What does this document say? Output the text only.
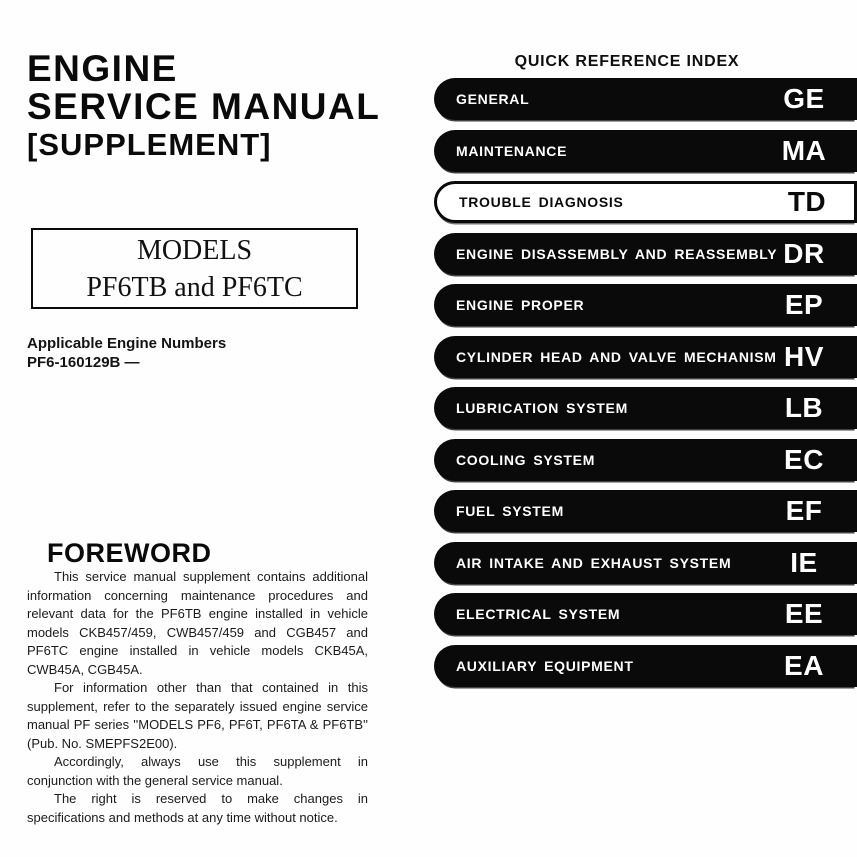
ENGINE
SERVICE MANUAL
[SUPPLEMENT]
MODELS
PF6TB and PF6TC
Applicable Engine Numbers
PF6-160129B —
FOREWORD

This service manual supplement contains additional information concerning maintenance procedures and relevant data for the PF6TB engine installed in vehicle models CKB457/459, CWB457/459 and CGB457 and PF6TC engine installed in vehicle models CKB45A, CWB45A, CGB45A.

For information other than that contained in this supplement, refer to the separately issued engine service manual PF series ''MODELS PF6, PF6T, PF6TA & PF6TB'' (Pub. No. SMEPFS2E00).

Accordingly, always use this supplement in conjunction with the general service manual.

The right is reserved to make changes in specifications and methods at any time without notice.

QUICK REFERENCE INDEX
GENERAL	GE
MAINTENANCE	MA
TROUBLE DIAGNOSIS	TD
ENGINE DISASSEMBLY AND REASSEMBLY DR
ENGINE PROPER	EP
CYLINDER HEAD AND VALVE MECHANISM HV
LUBRICATION SYSTEM	LB
COOLING SYSTEM	EC
FUEL SYSTEM	EF
AIR INTAKE AND EXHAUST SYSTEM	IE
ELECTRICAL SYSTEM	EE
AUXILIARY EQUIPMENT	EA
